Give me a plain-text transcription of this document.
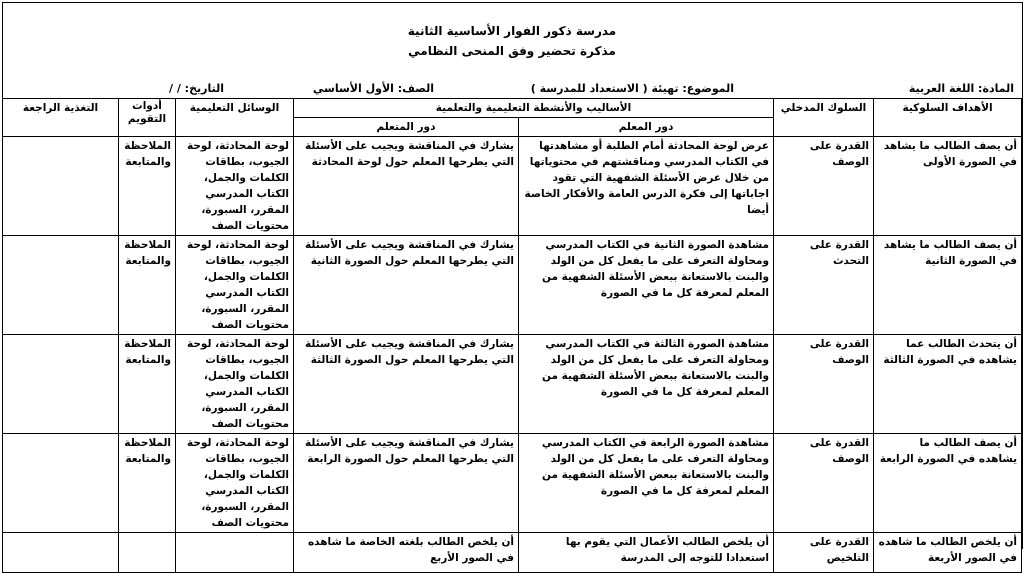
مدرسة ذكور الفوار الأساسية الثانية
مذكرة تحضير وفق المنحى النظامي
المادة: اللغة العربية
الموضوع: تهيئة ( الاستعداد للمدرسة )
الصف: الأول الأساسي
التاريخ: / /
الأهداف السلوكية	السلوك المدخلي	الأساليب والأنشطة التعليمية والتعلمية		الوسائل التعليمية	أدوات التقويم	التغذية الراجعة
		دور المعلم	دور المتعلم			
أن يصف الطالب ما يشاهد في الصورة الأولى	القدرة على الوصف	عرض لوحة المحادثة أمام الطلبة أو مشاهدتها في الكتاب المدرسي ومناقشتهم في محتوياتها من خلال عرض الأسئلة الشفهية التي تقود اجاباتها إلى فكرة الدرس العامة والأفكار الخاصة أيضا	يشارك في المناقشة ويجيب على الأسئلة التي يطرحها المعلم حول لوحة المحادثة	لوحة المحادثة، لوحة الجيوب، بطاقات الكلمات والجمل، الكتاب المدرسي المقرر، السبورة، محتويات الصف	الملاحظة والمتابعة	
أن يصف الطالب ما يشاهد في الصورة الثانية	القدرة على التحدث	مشاهدة الصورة الثانية في الكتاب المدرسي ومحاولة التعرف على ما يفعل كل من الولد والبنت بالاستعانة ببعض الأسئلة الشفهية من المعلم لمعرفة كل ما في الصورة	يشارك في المناقشة ويجيب على الأسئلة التي يطرحها المعلم حول الصورة الثانية	لوحة المحادثة، لوحة الجيوب، بطاقات الكلمات والجمل، الكتاب المدرسي المقرر، السبورة، محتويات الصف	الملاحظة والمتابعة	
أن يتحدث الطالب عما يشاهده في الصورة الثالثة	القدرة على الوصف	مشاهدة الصورة الثالثة في الكتاب المدرسي ومحاولة التعرف على ما يفعل كل من الولد والبنت بالاستعانة ببعض الأسئلة الشفهية من المعلم لمعرفة كل ما في الصورة	يشارك في المناقشة ويجيب على الأسئلة التي يطرحها المعلم حول الصورة الثالثة	لوحة المحادثة، لوحة الجيوب، بطاقات الكلمات والجمل، الكتاب المدرسي المقرر، السبورة، محتويات الصف	الملاحظة والمتابعة	
أن يصف الطالب ما يشاهده في الصورة الرابعة	القدرة على الوصف	مشاهدة الصورة الرابعة في الكتاب المدرسي ومحاولة التعرف على ما يفعل كل من الولد والبنت بالاستعانة ببعض الأسئلة الشفهية من المعلم لمعرفة كل ما في الصورة	يشارك في المناقشة ويجيب على الأسئلة التي يطرحها المعلم حول الصورة الرابعة	لوحة المحادثة، لوحة الجيوب، بطاقات الكلمات والجمل، الكتاب المدرسي المقرر، السبورة، محتويات الصف	الملاحظة والمتابعة	
أن يلخص الطالب ما شاهده في الصور الأربعة	القدرة على التلخيص	أن يلخص الطالب الأعمال التي يقوم بها استعدادا للتوجه إلى المدرسة	أن يلخص الطالب بلغته الخاصة ما شاهده في الصور الأربع			
